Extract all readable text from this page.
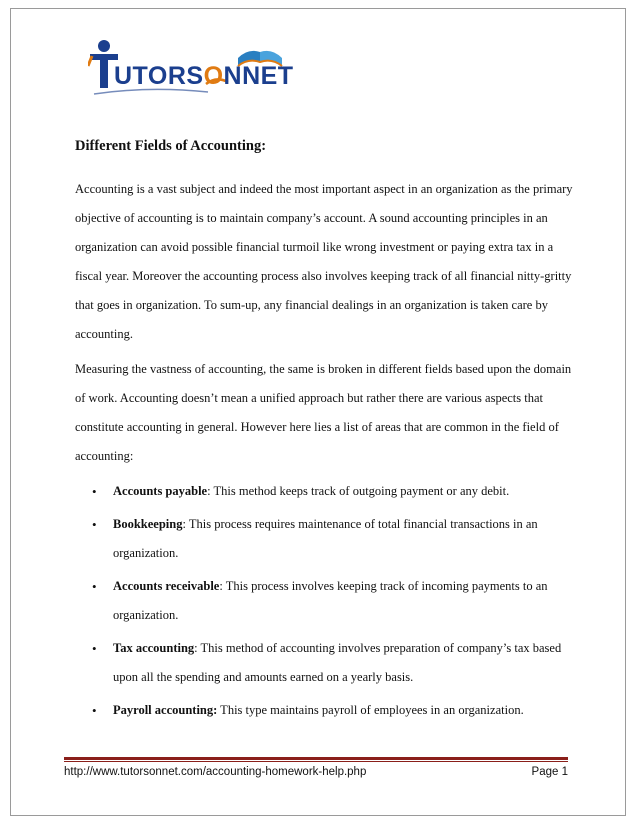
UTORSONNET
Different Fields of Accounting:

Accounting is a vast subject and indeed the most important aspect in an organization as the primary objective of accounting is to maintain company’s account. A sound accounting principles in an organization can avoid possible financial turmoil like wrong investment or paying extra tax in a fiscal year. Moreover the accounting process also involves keeping track of all financial nitty-gritty that goes in organization. To sum-up, any financial dealings in an organization is taken care by accounting.

Measuring the vastness of accounting, the same is broken in different fields based upon the domain of work. Accounting doesn’t mean a unified approach but rather there are various aspects that constitute accounting in general. However here lies a list of areas that are common in the field of accounting:

• Accounts payable: This method keeps track of outgoing payment or any debit.
• Bookkeeping: This process requires maintenance of total financial transactions in an organization.
• Accounts receivable: This process involves keeping track of incoming payments to an organization.
• Tax accounting: This method of accounting involves preparation of company’s tax based upon all the spending and amounts earned on a yearly basis.
• Payroll accounting: This type maintains payroll of employees in an organization.
http://www.tutorsonnet.com/accounting-homework-help.php	Page 1
